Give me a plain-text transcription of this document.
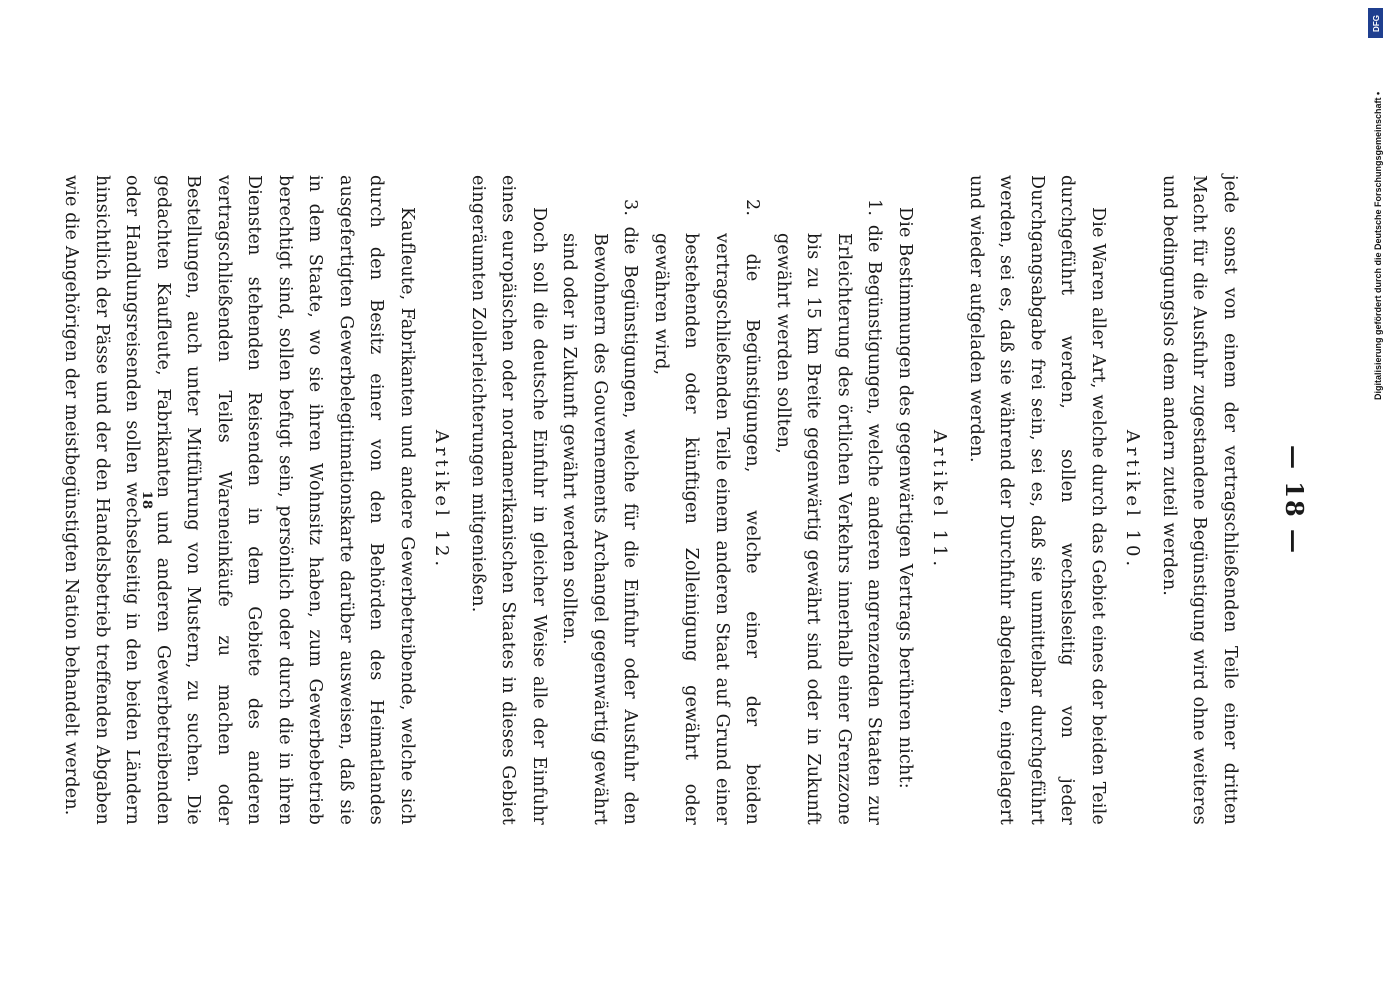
— 18 —

jede sonst von einem der vertragschließenden Teile einer dritten Macht für die Ausfuhr zugestandene Begünstigung wird ohne weiteres und bedingungslos dem andern zuteil werden.

Artikel 10.

Die Waren aller Art, welche durch das Gebiet eines der beiden Teile durchgeführt werden, sollen wechselseitig von jeder Durchgangsabgabe frei sein, sei es, daß sie unmittelbar durchgeführt werden, sei es, daß sie während der Durchfuhr abgeladen, eingelagert und wieder aufgeladen werden.

Artikel 11.

Die Bestimmungen des gegenwärtigen Vertrags berühren nicht:

1. die Begünstigungen, welche anderen angrenzenden Staaten zur Erleichterung des örtlichen Verkehrs innerhalb einer Grenzzone bis zu 15 km Breite gegenwärtig gewährt sind oder in Zukunft gewährt werden sollten,

2. die Begünstigungen, welche einer der beiden vertragschließenden Teile einem anderen Staat auf Grund einer bestehenden oder künftigen Zolleinigung gewährt oder gewähren wird,

3. die Begünstigungen, welche für die Einfuhr oder Ausfuhr den Bewohnern des Gouvernements Archangel gegenwärtig gewährt sind oder in Zukunft gewährt werden sollten.

Doch soll die deutsche Einfuhr in gleicher Weise alle der Einfuhr eines europäischen oder nordamerikanischen Staates in dieses Gebiet eingeräumten Zollerleichterungen mitgenießen.

Artikel 12.

Kaufleute, Fabrikanten und andere Gewerbetreibende, welche sich durch den Besitz einer von den Behörden des Heimatlandes ausgefertigten Gewerbelegitimationskarte darüber ausweisen, daß sie in dem Staate, wo sie ihren Wohnsitz haben, zum Gewerbebetrieb berechtigt sind, sollen befugt sein, persönlich oder durch die in ihren Diensten stehenden Reisenden in dem Gebiete des anderen vertragschließenden Teiles Wareneinkäufe zu machen oder Bestellungen, auch unter Mitführung von Mustern, zu suchen. Die gedachten Kaufleute, Fabrikanten und anderen Gewerbetreibenden oder Handlungsreisenden sollen wechselseitig in den beiden Ländern hinsichtlich der Pässe und der den Handelsbetrieb treffenden Abgaben wie die Angehörigen der meistbegünstigten Nation behandelt werden.	18
DFG
Digitalisierung gefördert durch die Deutsche Forschungsgemeinschaft •
